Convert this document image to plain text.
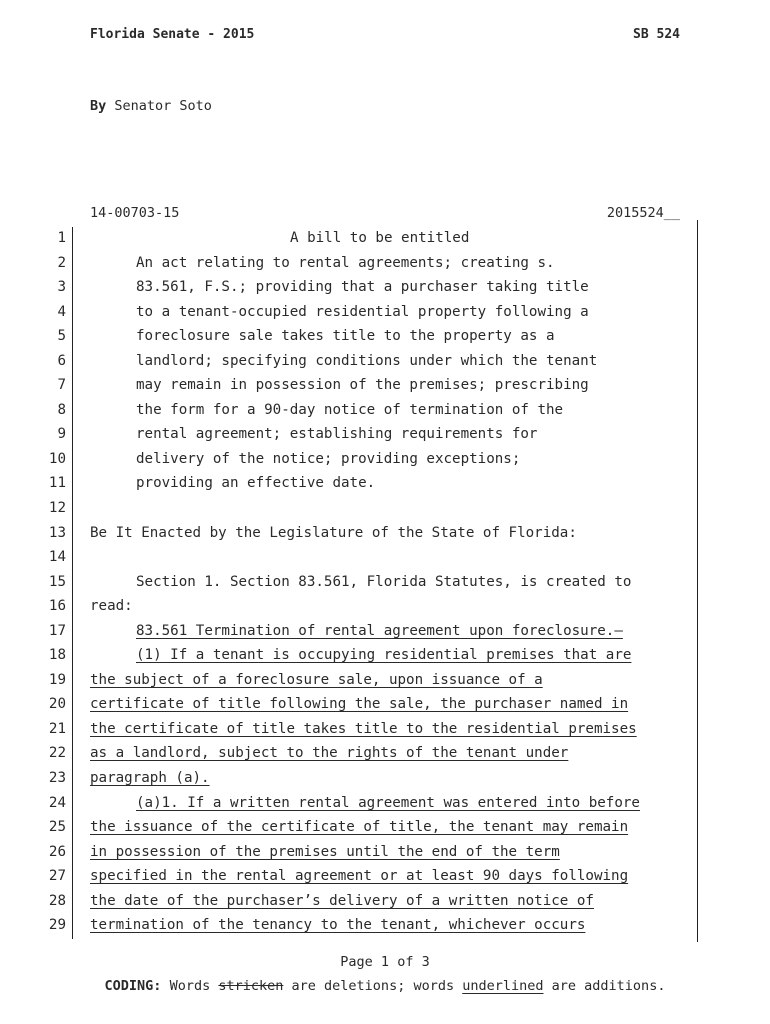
Florida Senate - 2015	SB 524
By Senator Soto
14-00703-15	2015524__
1	A bill to be entitled
2	An act relating to rental agreements; creating s.
3	83.561, F.S.; providing that a purchaser taking title
4	to a tenant-occupied residential property following a
5	foreclosure sale takes title to the property as a
6	landlord; specifying conditions under which the tenant
7	may remain in possession of the premises; prescribing
8	the form for a 90-day notice of termination of the
9	rental agreement; establishing requirements for
10	delivery of the notice; providing exceptions;
11	providing an effective date.
12
13 Be It Enacted by the Legislature of the State of Florida:
14
15	Section 1. Section 83.561, Florida Statutes, is created to
16 read:
17	83.561 Termination of rental agreement upon foreclosure.—
18	(1) If a tenant is occupying residential premises that are
19 the subject of a foreclosure sale, upon issuance of a
20 certificate of title following the sale, the purchaser named in
21 the certificate of title takes title to the residential premises
22 as a landlord, subject to the rights of the tenant under
23 paragraph (a).
24	(a)1. If a written rental agreement was entered into before
25 the issuance of the certificate of title, the tenant may remain
26 in possession of the premises until the end of the term
27 specified in the rental agreement or at least 90 days following
28 the date of the purchaser’s delivery of a written notice of
29 termination of the tenancy to the tenant, whichever occurs
Page 1 of 3
CODING: Words stricken are deletions; words underlined are additions.
